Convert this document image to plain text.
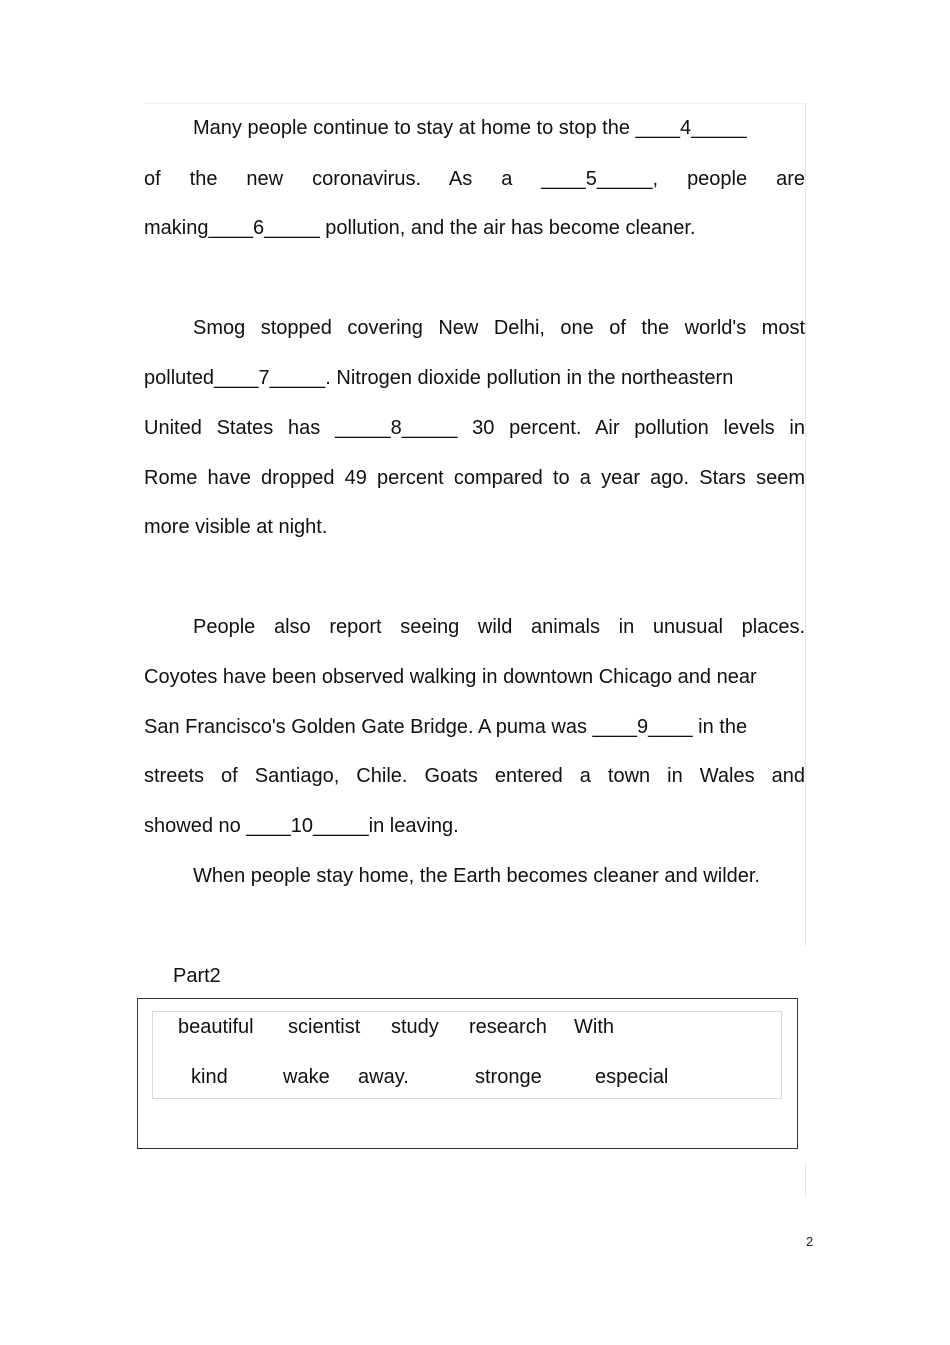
Many people continue to stay at home to stop the ____4_____
of the new coronavirus. As a ____5_____, people are
making____6_____ pollution, and the air has become cleaner.
Smog stopped covering New Delhi, one of the world's most
polluted____7_____. Nitrogen dioxide pollution in the northeastern
United States has _____8_____ 30 percent. Air pollution levels in
Rome have dropped 49 percent compared to a year ago. Stars seem
more visible at night.
People also report seeing wild animals in unusual places.
Coyotes have been observed walking in downtown Chicago and near
San Francisco's Golden Gate Bridge. A puma was ____9____ in the
streets of Santiago, Chile. Goats entered a town in Wales and
showed no ____10_____in leaving.
When people stay home, the Earth becomes cleaner and wilder.
Part2
beautiful scientist study research With
kind	wake away.	stronge	especial
2
